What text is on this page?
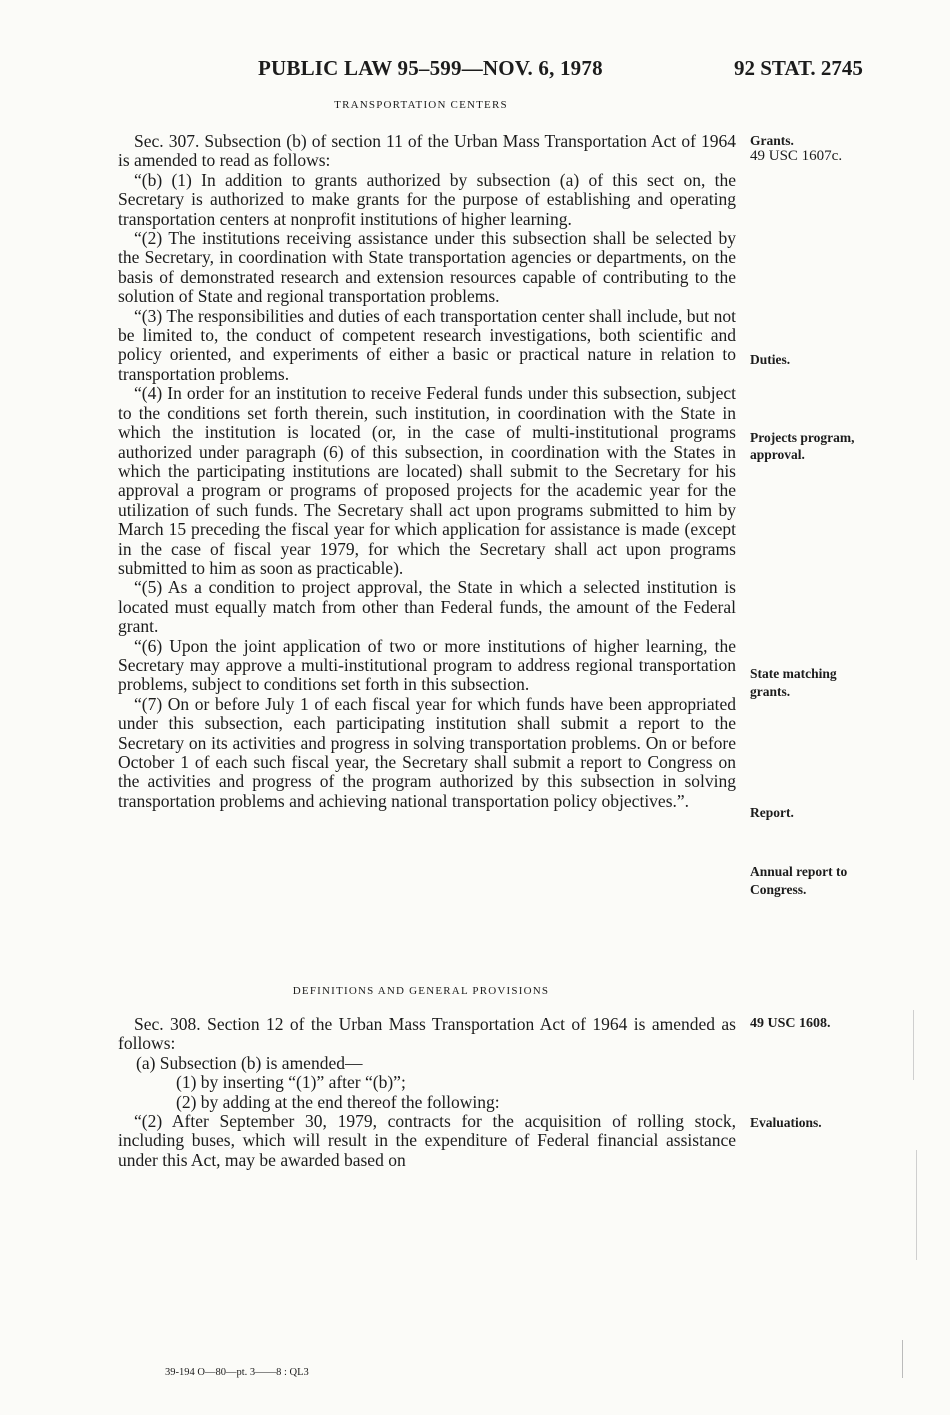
PUBLIC LAW 95–599—NOV. 6, 1978	92 STAT. 2745
TRANSPORTATION CENTERS

Sec. 307. Subsection (b) of section 11 of the Urban Mass Transportation Act of 1964 is amended to read as follows:

“(b) (1) In addition to grants authorized by subsection (a) of this sect on, the Secretary is authorized to make grants for the purpose of establishing and operating transportation centers at nonprofit institutions of higher learning.

“(2) The institutions receiving assistance under this subsection shall be selected by the Secretary, in coordination with State transportation agencies or departments, on the basis of demonstrated research and extension resources capable of contributing to the solution of State and regional transportation problems.

“(3) The responsibilities and duties of each transportation center shall include, but not be limited to, the conduct of competent research investigations, both scientific and policy oriented, and experiments of either a basic or practical nature in relation to transportation problems.

“(4) In order for an institution to receive Federal funds under this subsection, subject to the conditions set forth therein, such institution, in coordination with the State in which the institution is located (or, in the case of multi-institutional programs authorized under paragraph (6) of this subsection, in coordination with the States in which the participating institutions are located) shall submit to the Secretary for his approval a program or programs of proposed projects for the academic year for the utilization of such funds. The Secretary shall act upon programs submitted to him by March 15 preceding the fiscal year for which application for assistance is made (except in the case of fiscal year 1979, for which the Secretary shall act upon programs submitted to him as soon as practicable).

“(5) As a condition to project approval, the State in which a selected institution is located must equally match from other than Federal funds, the amount of the Federal grant.

“(6) Upon the joint application of two or more institutions of higher learning, the Secretary may approve a multi-institutional program to address regional transportation problems, subject to conditions set forth in this subsection.

“(7) On or before July 1 of each fiscal year for which funds have been appropriated under this subsection, each participating institution shall submit a report to the Secretary on its activities and progress in solving transportation problems. On or before October 1 of each such fiscal year, the Secretary shall submit a report to Congress on the activities and progress of the program authorized by this subsection in solving transportation problems and achieving national transportation policy objectives.”.

DEFINITIONS AND GENERAL PROVISIONS

Sec. 308. Section 12 of the Urban Mass Transportation Act of 1964 is amended as follows:

(a) Subsection (b) is amended—

(1) by inserting “(1)” after “(b)”;

(2) by adding at the end thereof the following:

“(2) After September 30, 1979, contracts for the acquisition of rolling stock, including buses, which will result in the expenditure of Federal financial assistance under this Act, may be awarded based on

Grants.
49 USC 1607c.
Duties.
Projects program,
approval.
State matching
grants.
Report.
Annual report to
Congress.
49 USC 1608.
Evaluations.
39-194 O—80—pt. 3——8 : QL3
